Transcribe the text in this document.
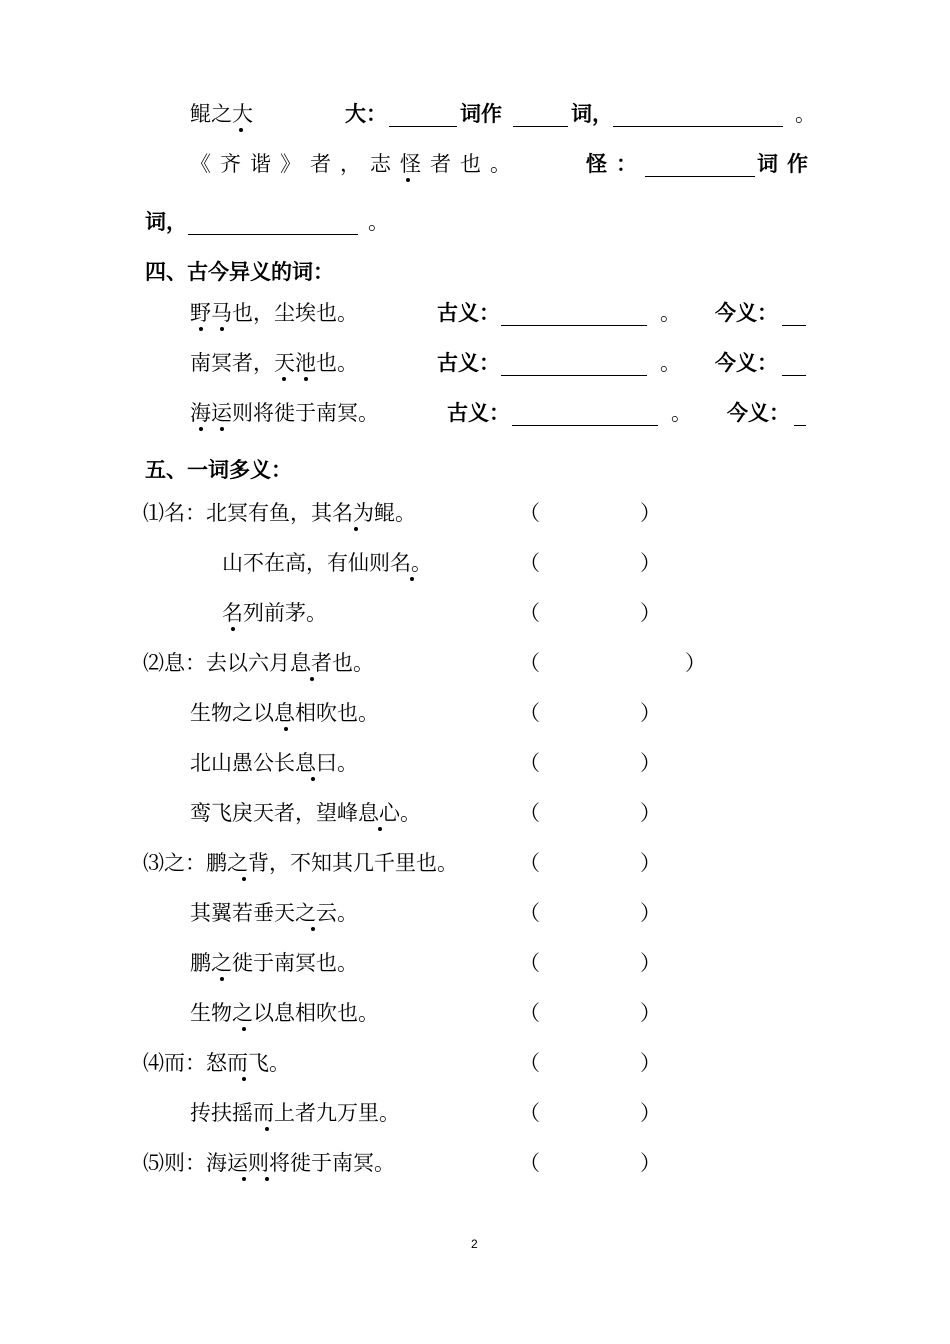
鲲之大	大：	词作	词，	。
《齐谐》者，志怪者也。	怪：	词作
词，	。
四、古今异义的词：
野马也，尘埃也。	古义：	。 今义：
南冥者，天池也。	古义：	。 今义：
海运则将徙于南冥。	古义：	。 今义：
五、一词多义：
⑴名：北冥有鱼，其名为鲲。	（	）
山不在高，有仙则名。	（	）
名列前茅。	（	）
⑵息：去以六月息者也。	（	）
生物之以息相吹也。	（	）
北山愚公长息曰。	（	）
鸾飞戾天者，望峰息心。	（	）
⑶之：鹏之背，不知其几千里也。	（	）
其翼若垂天之云。	（	）
鹏之徙于南冥也。	（	）
生物之以息相吹也。	（	）
⑷而：怒而飞。	（	）
抟扶摇而上者九万里。	（	）
⑸则：海运则将徙于南冥。	（	）
2
